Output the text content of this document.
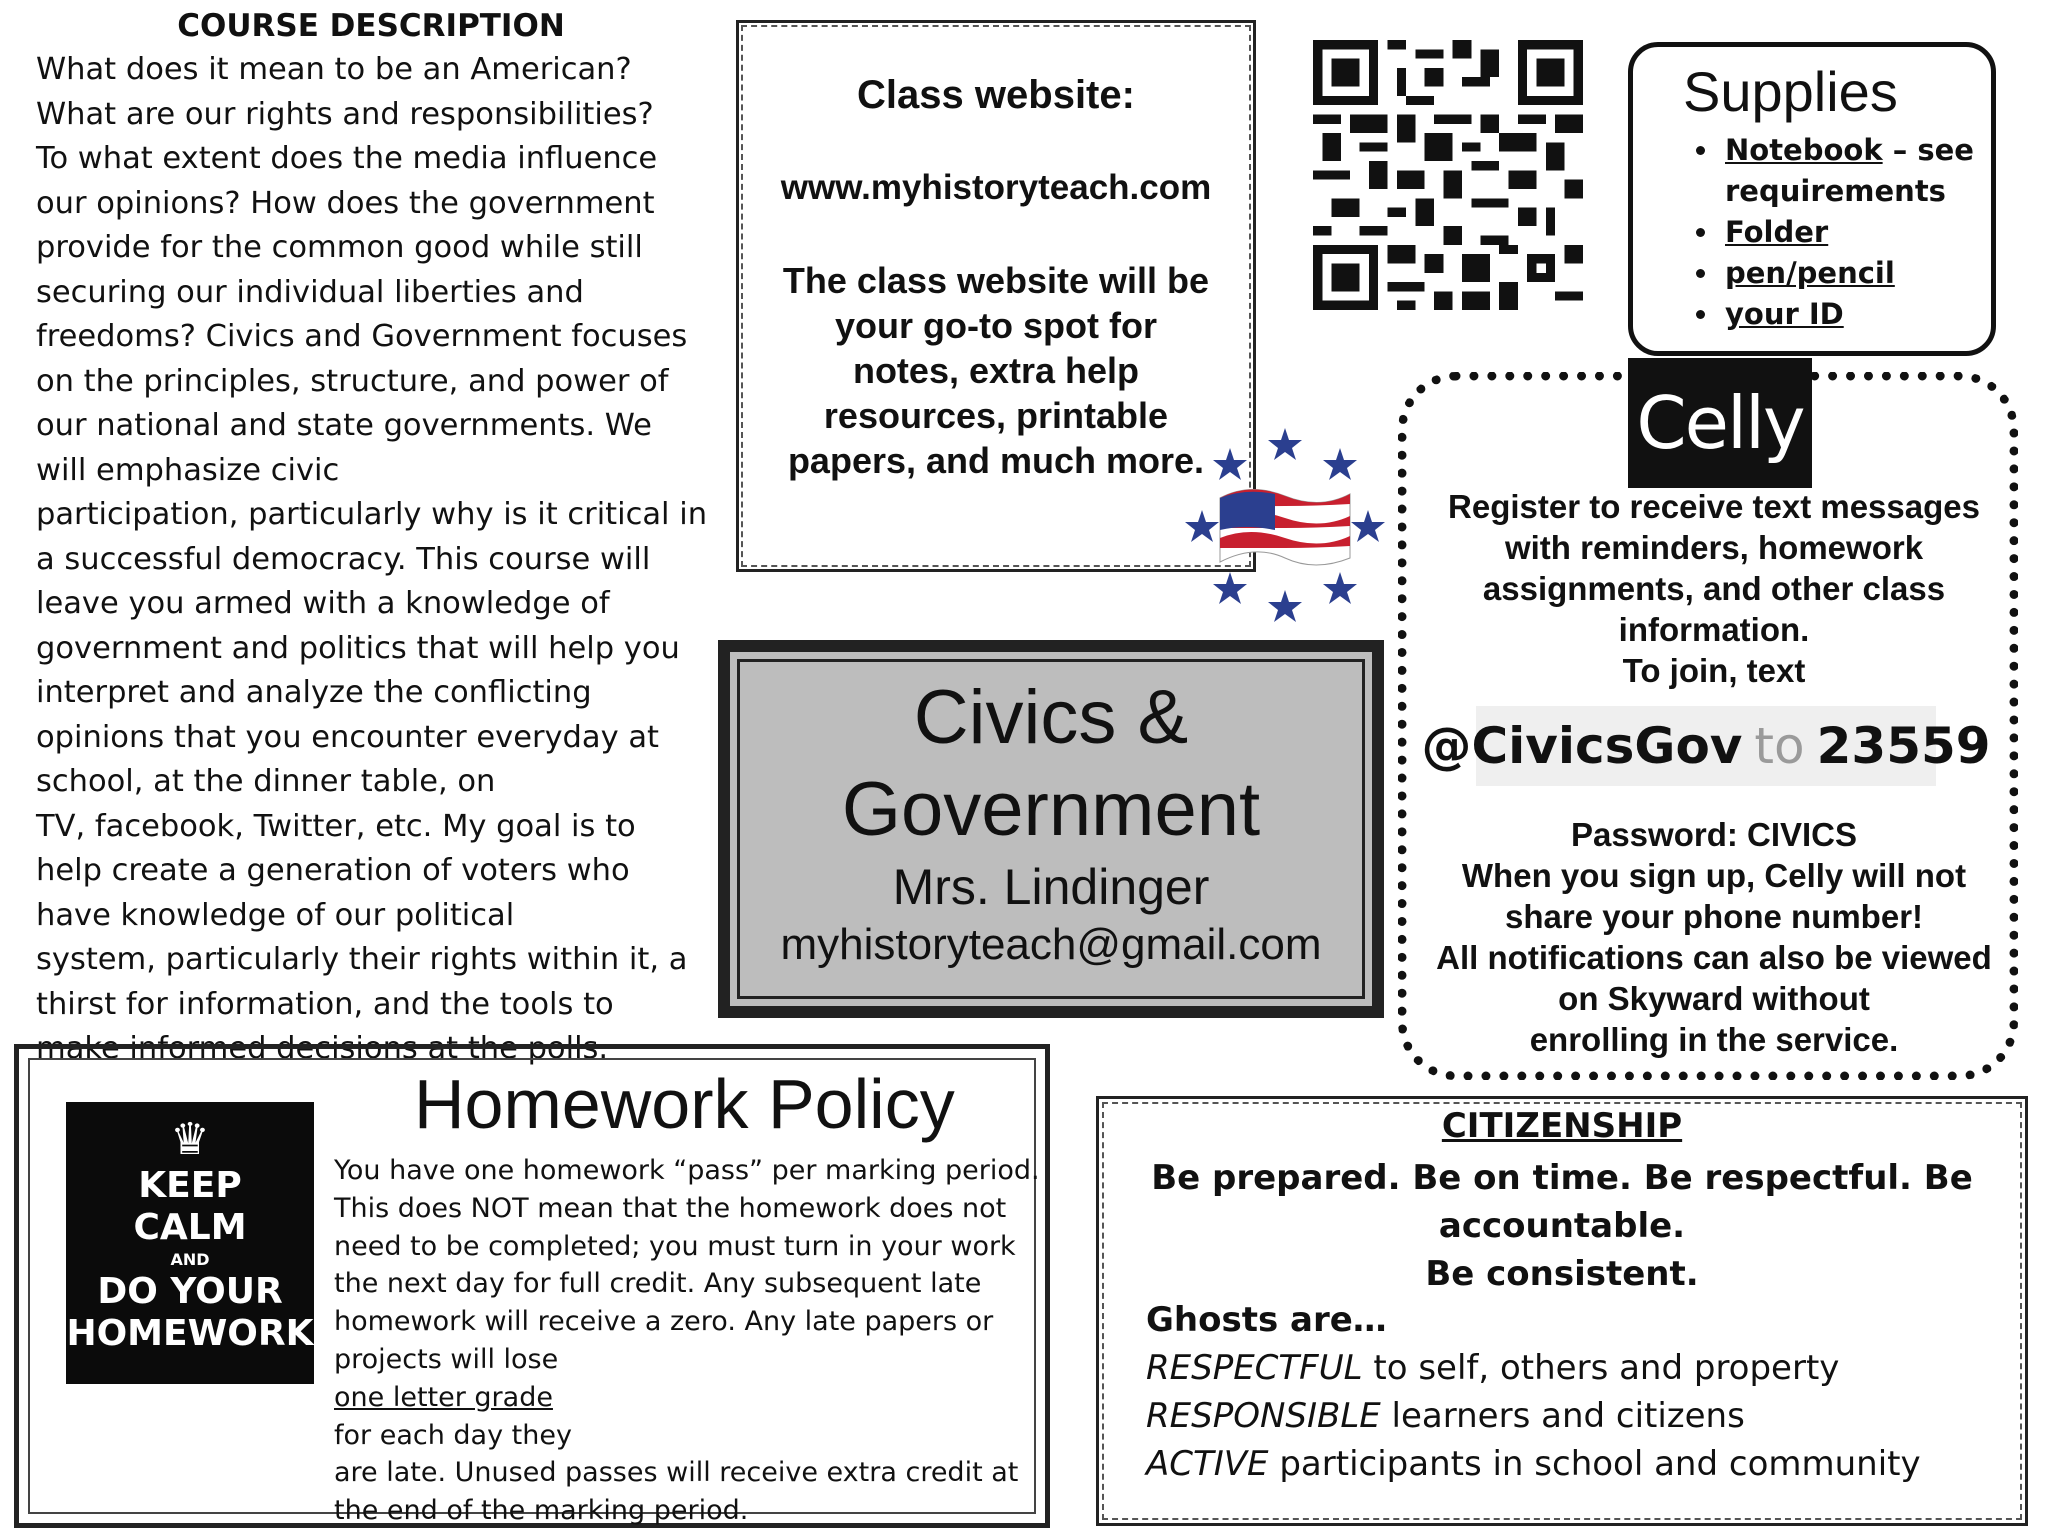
COURSE DESCRIPTION
What does it mean to be an American?
What are our rights and responsibilities?
To what extent does the media influence
our opinions? How does the government
provide for the common good while still
securing our individual liberties and
freedoms? Civics and Government focuses
on the principles, structure, and power of
our national and state governments. We
will emphasize civic
participation, particularly why is it critical in
a successful democracy. This course will
leave you armed with a knowledge of
government and politics that will help you
interpret and analyze the conflicting
opinions that you encounter everyday at
school, at the dinner table, on
TV, facebook, Twitter, etc. My goal is to
help create a generation of voters who
have knowledge of our political
system, particularly their rights within it, a
thirst for information, and the tools to
make informed decisions at the polls.
Class website:
www.myhistoryteach.com
The class website will be your go-to spot for notes, extra help resources, printable papers, and much more.
Supplies
• Notebook – see requirements
• Folder
• pen/pencil
• your ID
Celly
Register to receive text messages
with reminders, homework
assignments, and other class
information.
To join, text
@CivicsGov to 23559
Password: CIVICS
When you sign up, Celly will not
share your phone number!
All notifications can also be viewed
on Skyward without
enrolling in the service.
Civics &
Government
Mrs. Lindinger
myhistoryteach@gmail.com
Homework Policy
♛
KEEP
CALM
AND
DO YOUR
HOMEWORK
You have one homework “pass” per marking period.
This does NOT mean that the homework does not
need to be completed; you must turn in your work
the next day for full credit. Any subsequent late
homework will receive a zero. Any late papers or
projects will lose
one letter grade
for each day they
are late. Unused passes will receive extra credit at
the end of the marking period.
CITIZENSHIP
Be prepared. Be on time. Be respectful. Be
accountable.
Be consistent.
Ghosts are…
RESPECTFUL to self, others and property
RESPONSIBLE learners and citizens
ACTIVE participants in school and community
